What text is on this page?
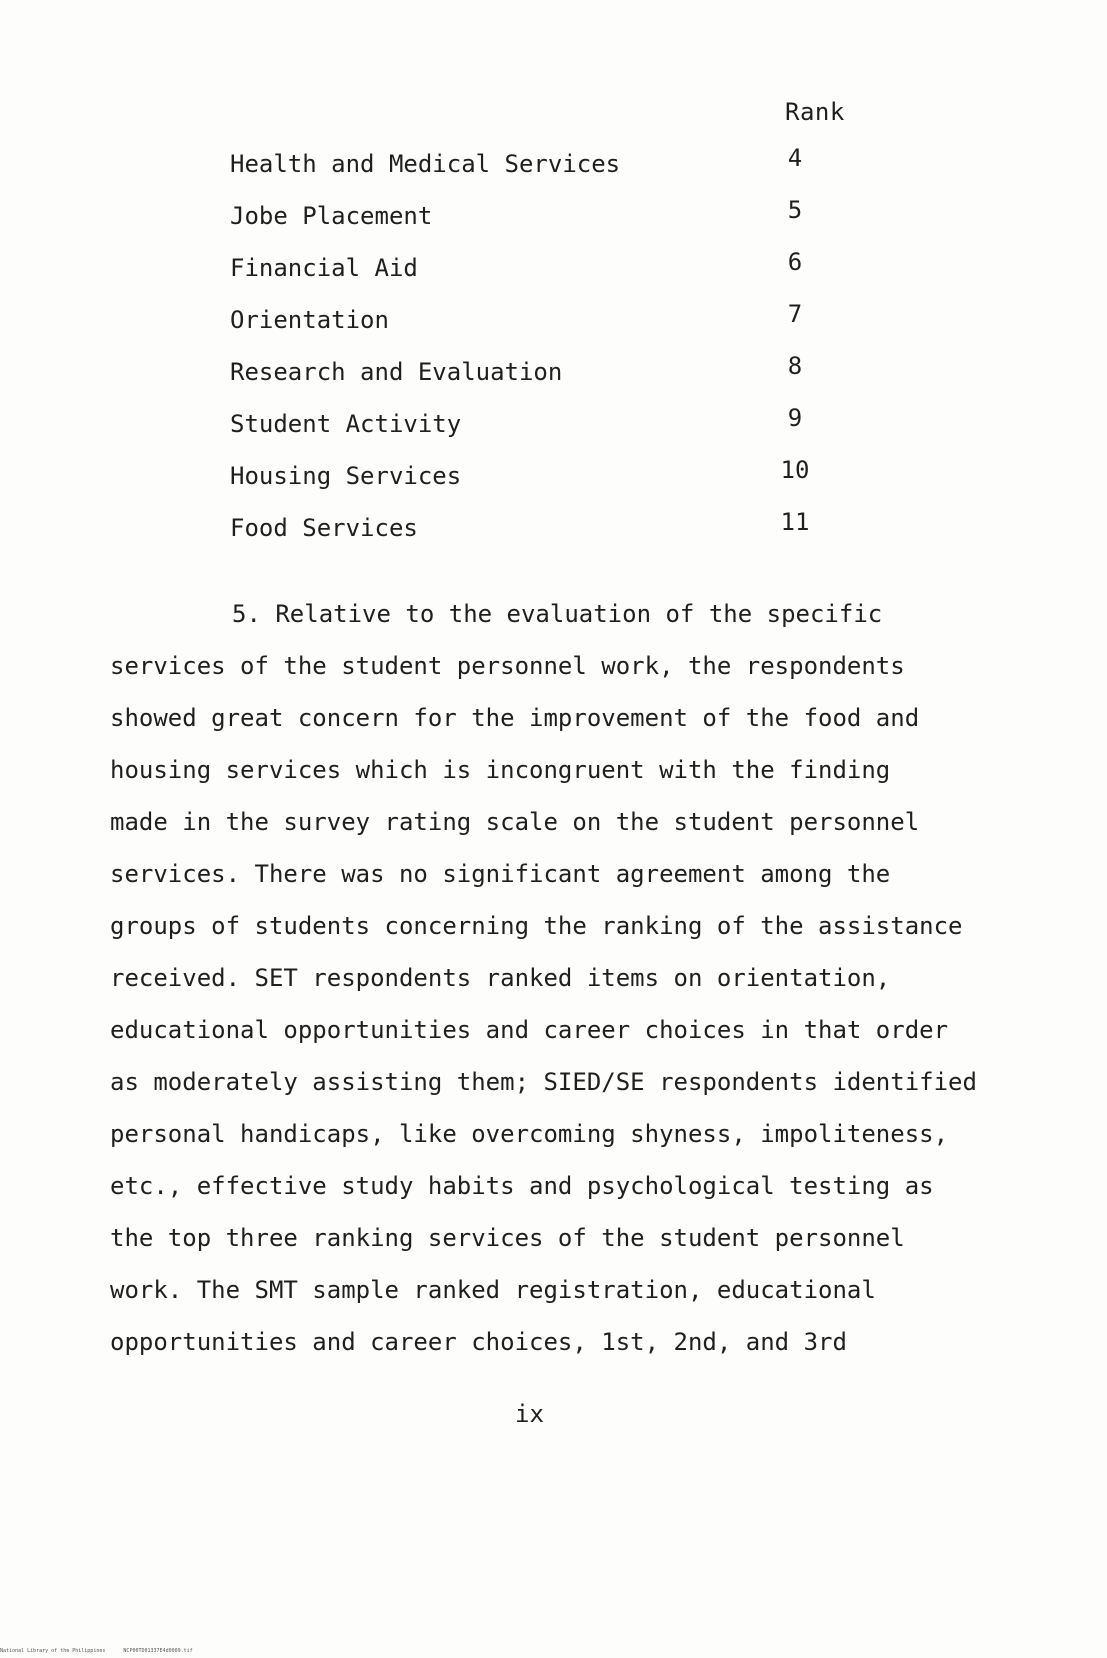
Rank
Health and Medical Services	4
Jobe Placement	5
Financial Aid	6
Orientation	7
Research and Evaluation	8
Student Activity	9
Housing Services	10
Food Services	11
5. Relative to the evaluation of the specific
services of the student personnel work, the respondents
showed great concern for the improvement of the food and
housing services which is incongruent with the finding
made in the survey rating scale on the student personnel
services. There was no significant agreement among the
groups of students concerning the ranking of the assistance
received. SET respondents ranked items on orientation,
educational opportunities and career choices in that order
as moderately assisting them; SIED/SE respondents identified
personal handicaps, like overcoming shyness, impoliteness,
etc., effective study habits and psychological testing as
the top three ranking services of the student personnel
work. The SMT sample ranked registration, educational
opportunities and career choices, 1st, 2nd, and 3rd
ix
National Library of the Philippines	NCP00TD01337E4d0009.tif
